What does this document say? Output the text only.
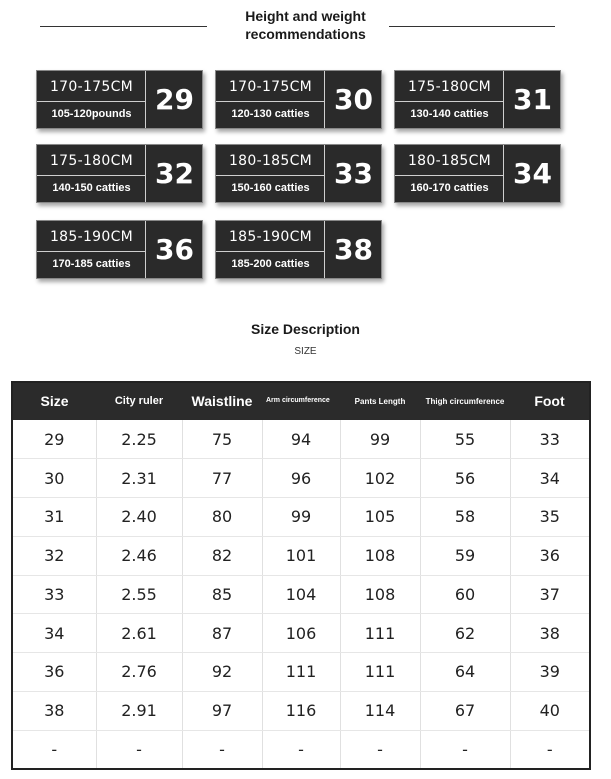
Height and weight
recommendations
170-175CM
105-120pounds 29	170-175CM
120-130 catties 30	175-180CM
130-140 catties 31
175-180CM
140-150 catties 32	180-185CM
150-160 catties 33	180-185CM
160-170 catties 34
185-190CM
170-185 catties 36	185-190CM
185-200 catties 38
Size Description
SIZE
Size	City ruler	Waistline	Arm circumference	Pants Length	Thigh circumference	Foot
29	2.25	75	94	99	55	33
30	2.31	77	96	102	56	34
31	2.40	80	99	105	58	35
32	2.46	82	101	108	59	36
33	2.55	85	104	108	60	37
34	2.61	87	106	111	62	38
36	2.76	92	111	111	64	39
38	2.91	97	116	114	67	40
-	-	-	-	-	-	-
